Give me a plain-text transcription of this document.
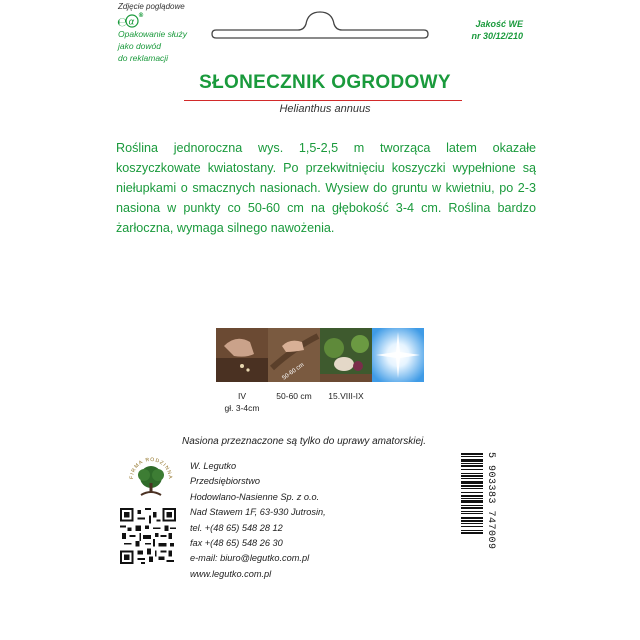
Zdjęcie poglądowe
℮ α
®
Opakowanie służy
jako dowód
do reklamacji
Jakość WE
nr 30/12/210
SŁONECZNIK OGRODOWY
Helianthus annuus
Roślina jednoroczna wys. 1,5-2,5 m tworząca latem okazałe koszyczkowate kwiatostany. Po przekwitnięciu koszyczki wypełnione są niełupkami o smacznych nasionach. Wysiew do gruntu w kwietniu, po 2-3 nasiona w punkty co 50-60 cm na głębokość 3-4 cm. Roślina bardzo żarłoczna, wymaga silnego nawożenia.
50-60 cm
IV
gł. 3-4cm
50-60 cm	15.VIII-IX
Nasiona przeznaczone są tylko do uprawy amatorskiej.
FIRMA RODZINNA
W. Legutko
Przedsiębiorstwo
Hodowlano-Nasienne Sp. z o.o.
Nad Stawem 1F, 63-930 Jutrosin,
tel. +(48 65) 548 28 12
fax +(48 65) 548 26 30
e-mail: biuro@legutko.com.pl
www.legutko.com.pl
5 903383 747009
